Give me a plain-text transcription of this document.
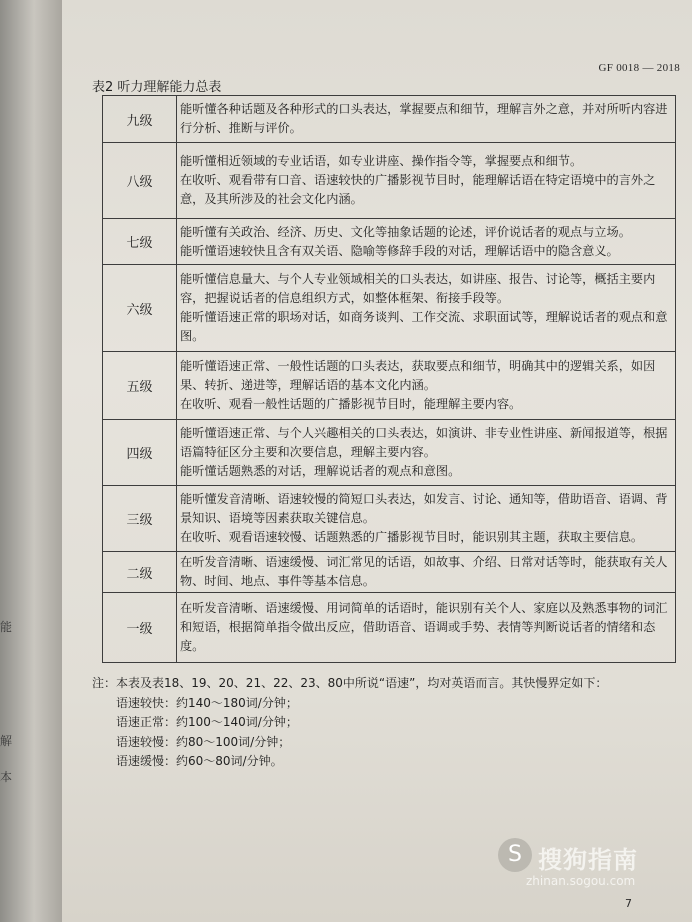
能
解
本
GF 0018 — 2018
表2 听力理解能力总表
九级	能听懂各种话题及各种形式的口头表达，掌握要点和细节，理解言外之意，并对所听内容进行分析、推断与评价。

八级	能听懂相近领域的专业话语，如专业讲座、操作指令等，掌握要点和细节。
在收听、观看带有口音、语速较快的广播影视节目时，能理解话语在特定语境中的言外之意，及其所涉及的社会文化内涵。

七级	能听懂有关政治、经济、历史、文化等抽象话题的论述，评价说话者的观点与立场。
能听懂语速较快且含有双关语、隐喻等修辞手段的对话，理解话语中的隐含意义。

六级	能听懂信息量大、与个人专业领域相关的口头表达，如讲座、报告、讨论等，概括主要内容，把握说话者的信息组织方式，如整体框架、衔接手段等。
能听懂语速正常的职场对话，如商务谈判、工作交流、求职面试等，理解说话者的观点和意图。

五级	能听懂语速正常、一般性话题的口头表达，获取要点和细节，明确其中的逻辑关系，如因果、转折、递进等，理解话语的基本文化内涵。
在收听、观看一般性话题的广播影视节目时，能理解主要内容。

四级	能听懂语速正常、与个人兴趣相关的口头表达，如演讲、非专业性讲座、新闻报道等，根据语篇特征区分主要和次要信息，理解主要内容。
能听懂话题熟悉的对话，理解说话者的观点和意图。

三级	能听懂发音清晰、语速较慢的简短口头表达，如发言、讨论、通知等，借助语音、语调、背景知识、语境等因素获取关键信息。
在收听、观看语速较慢、话题熟悉的广播影视节目时，能识别其主题，获取主要信息。

二级	在听发音清晰、语速缓慢、词汇常见的话语，如故事、介绍、日常对话等时，能获取有关人物、时间、地点、事件等基本信息。

一级	在听发音清晰、语速缓慢、用词简单的话语时，能识别有关个人、家庭以及熟悉事物的词汇和短语，根据简单指令做出反应，借助语音、语调或手势、表情等判断说话者的情绪和态度。
注：本表及表18、19、20、21、22、23、80中所说“语速”，均对英语而言。其快慢界定如下：
语速较快：约140～180词/分钟；
语速正常：约100～140词/分钟；
语速较慢：约80～100词/分钟；
语速缓慢：约60～80词/分钟。
S 搜狗指南
zhinan.sogou.com
7
